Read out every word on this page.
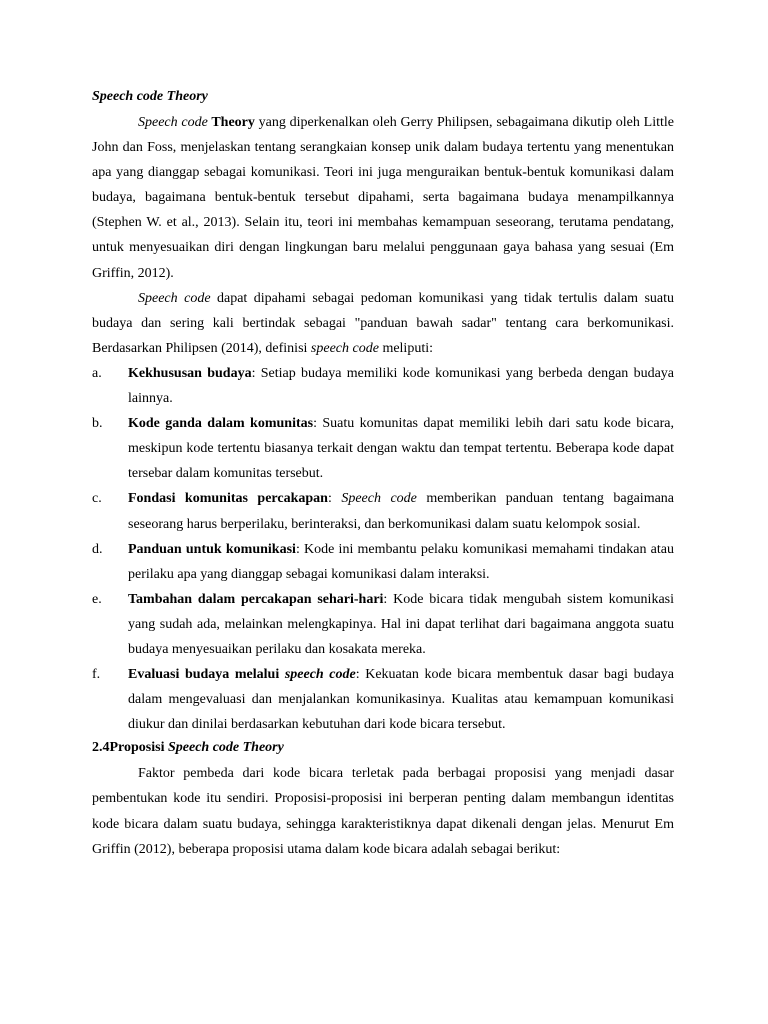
Speech code Theory

Speech code Theory yang diperkenalkan oleh Gerry Philipsen, sebagaimana dikutip oleh Little John dan Foss, menjelaskan tentang serangkaian konsep unik dalam budaya tertentu yang menentukan apa yang dianggap sebagai komunikasi. Teori ini juga menguraikan bentuk-bentuk komunikasi dalam budaya, bagaimana bentuk-bentuk tersebut dipahami, serta bagaimana budaya menampilkannya (Stephen W. et al., 2013). Selain itu, teori ini membahas kemampuan seseorang, terutama pendatang, untuk menyesuaikan diri dengan lingkungan baru melalui penggunaan gaya bahasa yang sesuai (Em Griffin, 2012).

Speech code dapat dipahami sebagai pedoman komunikasi yang tidak tertulis dalam suatu budaya dan sering kali bertindak sebagai "panduan bawah sadar" tentang cara berkomunikasi. Berdasarkan Philipsen (2014), definisi speech code meliputi:

a. Kekhususan budaya: Setiap budaya memiliki kode komunikasi yang berbeda dengan budaya lainnya.
b. Kode ganda dalam komunitas: Suatu komunitas dapat memiliki lebih dari satu kode bicara, meskipun kode tertentu biasanya terkait dengan waktu dan tempat tertentu. Beberapa kode dapat tersebar dalam komunitas tersebut.
c. Fondasi komunitas percakapan: Speech code memberikan panduan tentang bagaimana seseorang harus berperilaku, berinteraksi, dan berkomunikasi dalam suatu kelompok sosial.
d. Panduan untuk komunikasi: Kode ini membantu pelaku komunikasi memahami tindakan atau perilaku apa yang dianggap sebagai komunikasi dalam interaksi.
e. Tambahan dalam percakapan sehari-hari: Kode bicara tidak mengubah sistem komunikasi yang sudah ada, melainkan melengkapinya. Hal ini dapat terlihat dari bagaimana anggota suatu budaya menyesuaikan perilaku dan kosakata mereka.
f. Evaluasi budaya melalui speech code: Kekuatan kode bicara membentuk dasar bagi budaya dalam mengevaluasi dan menjalankan komunikasinya. Kualitas atau kemampuan komunikasi diukur dan dinilai berdasarkan kebutuhan dari kode bicara tersebut.
2.4Proposisi Speech code Theory

Faktor pembeda dari kode bicara terletak pada berbagai proposisi yang menjadi dasar pembentukan kode itu sendiri. Proposisi-proposisi ini berperan penting dalam membangun identitas kode bicara dalam suatu budaya, sehingga karakteristiknya dapat dikenali dengan jelas. Menurut Em Griffin (2012), beberapa proposisi utama dalam kode bicara adalah sebagai berikut:
